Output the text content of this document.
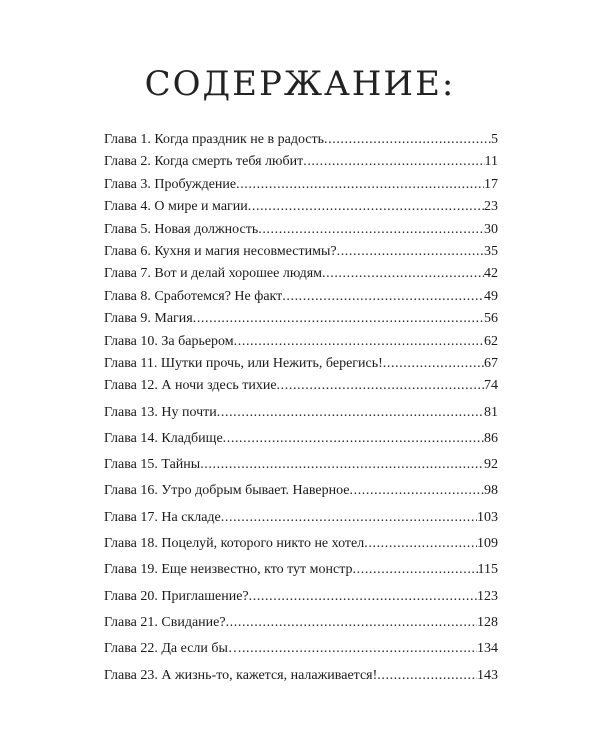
СОДЕРЖАНИЕ:
Глава 1. Когда праздник не в радость .....	5
Глава 2. Когда смерть тебя любит .....	11
Глава 3. Пробуждение .....	17
Глава 4. О мире и магии .....	23
Глава 5. Новая должность .....	30
Глава 6. Кухня и магия несовместимы? .....	35
Глава 7. Вот и делай хорошее людям .....	42
Глава 8. Сработемся? Не факт .....	49
Глава 9. Магия .....	56
Глава 10. За барьером .....	62
Глава 11. Шутки прочь, или Нежить, берегись! .....	67
Глава 12. А ночи здесь тихие .....	74
Глава 13. Ну почти .....	81
Глава 14. Кладбище .....	86
Глава 15. Тайны .....	92
Глава 16. Утро добрым бывает. Наверное .....	98
Глава 17. На складе .....	103
Глава 18. Поцелуй, которого никто не хотел .....	109
Глава 19. Еще неизвестно, кто тут монстр .....	115
Глава 20. Приглашение? .....	123
Глава 21. Свидание? .....	128
Глава 22. Да если бы… .....	134
Глава 23. А жизнь-то, кажется, налаживается! .....	143
